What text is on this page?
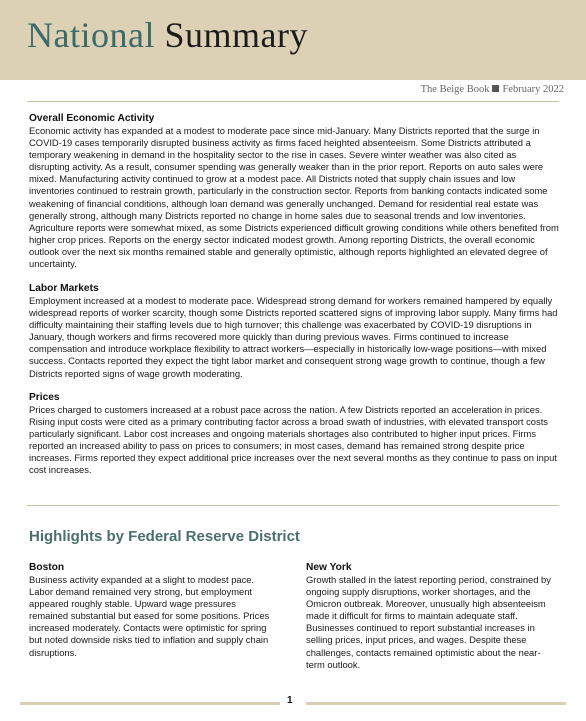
National Summary
The Beige Book February 2022
Overall Economic Activity

Economic activity has expanded at a modest to moderate pace since mid-January. Many Districts reported that the surge in COVID-19 cases temporarily disrupted business activity as firms faced heighted absenteeism. Some Districts attributed a temporary weakening in demand in the hospitality sector to the rise in cases. Severe winter weather was also cited as disrupting activity. As a result, consumer spending was generally weaker than in the prior report. Reports on auto sales were mixed. Manufacturing activity continued to grow at a modest pace. All Districts noted that supply chain issues and low inventories continued to restrain growth, particularly in the construction sector. Reports from banking contacts indicated some weakening of financial conditions, although loan demand was generally unchanged. Demand for residential real estate was generally strong, although many Districts reported no change in home sales due to seasonal trends and low inventories. Agriculture reports were somewhat mixed, as some Districts experienced difficult growing conditions while others benefited from higher crop prices. Reports on the energy sector indicated modest growth. Among reporting Districts, the overall economic outlook over the next six months remained stable and generally optimistic, although reports highlighted an elevated degree of uncertainty.

Labor Markets

Employment increased at a modest to moderate pace. Widespread strong demand for workers remained hampered by equally widespread reports of worker scarcity, though some Districts reported scattered signs of improving labor supply. Many firms had difficulty maintaining their staffing levels due to high turnover; this challenge was exacerbated by COVID-19 disruptions in January, though workers and firms recovered more quickly than during previous waves. Firms continued to increase compensation and introduce workplace flexibility to attract workers—especially in historically low-wage positions—with mixed success. Contacts reported they expect the tight labor market and consequent strong wage growth to continue, though a few Districts reported signs of wage growth moderating.

Prices

Prices charged to customers increased at a robust pace across the nation. A few Districts reported an acceleration in prices. Rising input costs were cited as a primary contributing factor across a broad swath of industries, with elevated transport costs particularly significant. Labor cost increases and ongoing materials shortages also contributed to higher input prices. Firms reported an increased ability to pass on prices to consumers; in most cases, demand has remained strong despite price increases. Firms reported they expect additional price increases over the next several months as they continue to pass on input cost increases.

Highlights by Federal Reserve District
Boston

Business activity expanded at a slight to modest pace. Labor demand remained very strong, but employment appeared roughly stable. Upward wage pressures remained substantial but eased for some positions. Prices increased moderately. Contacts were optimistic for spring but noted downside risks tied to inflation and supply chain disruptions.

New York

Growth stalled in the latest reporting period, constrained by ongoing supply disruptions, worker shortages, and the Omicron outbreak. Moreover, unusually high absenteeism made it difficult for firms to maintain adequate staff. Businesses continued to report substantial increases in selling prices, input prices, and wages. Despite these challenges, contacts remained optimistic about the near-term outlook.

1
